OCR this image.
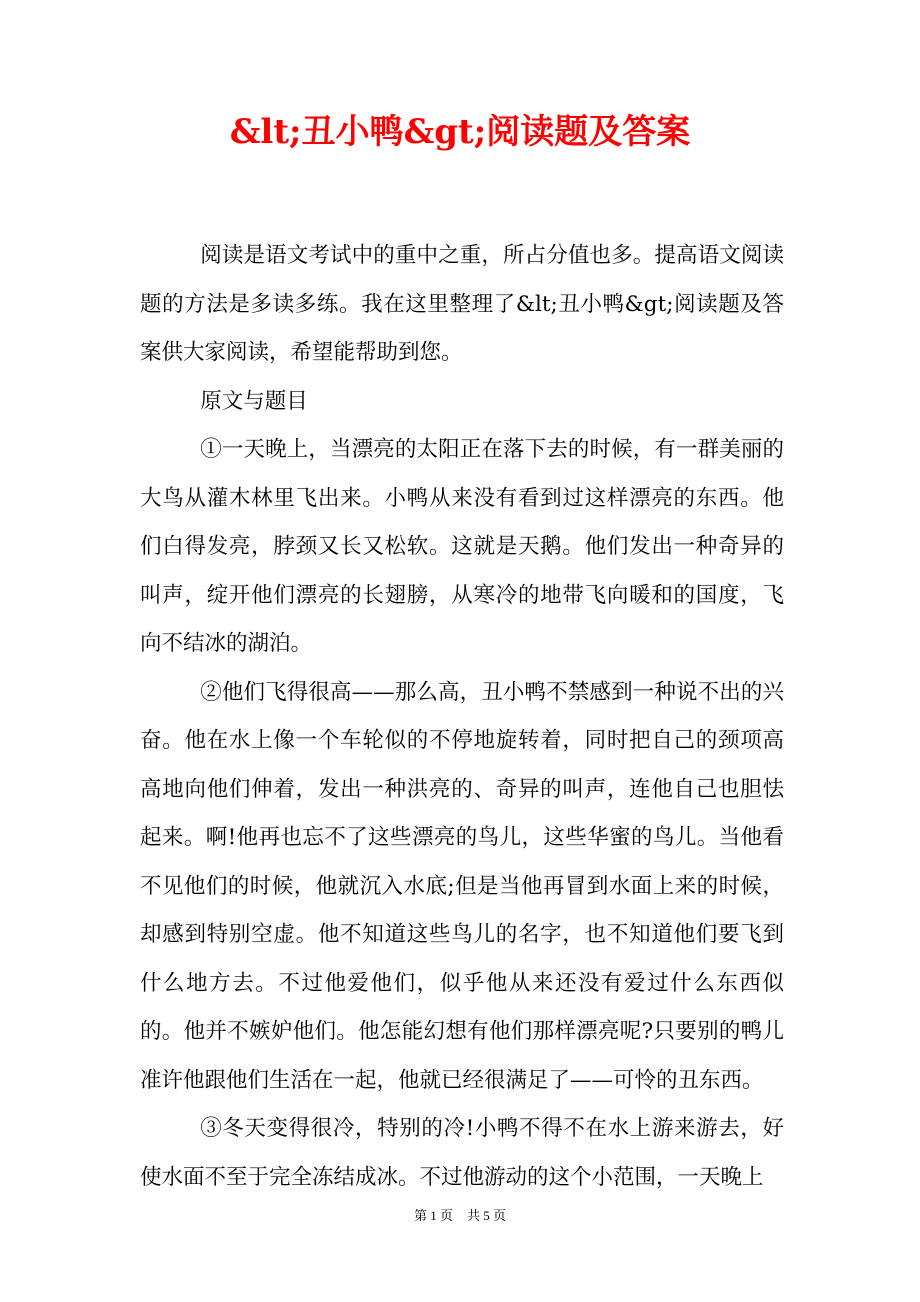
&lt;丑小鸭&gt;阅读题及答案

阅读是语文考试中的重中之重，所占分值也多。提高语文阅读题的方法是多读多练。我在这里整理了&lt;丑小鸭&gt;阅读题及答案供大家阅读，希望能帮助到您。

原文与题目

①一天晚上，当漂亮的太阳正在落下去的时候，有一群美丽的大鸟从灌木林里飞出来。小鸭从来没有看到过这样漂亮的东西。他们白得发亮，脖颈又长又松软。这就是天鹅。他们发出一种奇异的叫声，绽开他们漂亮的长翅膀，从寒冷的地带飞向暖和的国度，飞向不结冰的湖泊。

②他们飞得很高——那么高，丑小鸭不禁感到一种说不出的兴奋。他在水上像一个车轮似的不停地旋转着，同时把自己的颈项高高地向他们伸着，发出一种洪亮的、奇异的叫声，连他自己也胆怯起来。啊!他再也忘不了这些漂亮的鸟儿，这些华蜜的鸟儿。当他看不见他们的时候，他就沉入水底;但是当他再冒到水面上来的时候，却感到特别空虚。他不知道这些鸟儿的名字，也不知道他们要飞到什么地方去。不过他爱他们，似乎他从来还没有爱过什么东西似的。他并不嫉妒他们。他怎能幻想有他们那样漂亮呢?只要别的鸭儿准许他跟他们生活在一起，他就已经很满足了——可怜的丑东西。

③冬天变得很冷，特别的冷!小鸭不得不在水上游来游去，好使水面不至于完全冻结成冰。不过他游动的这个小范围，一天晚上

第 1 页 共 5 页
